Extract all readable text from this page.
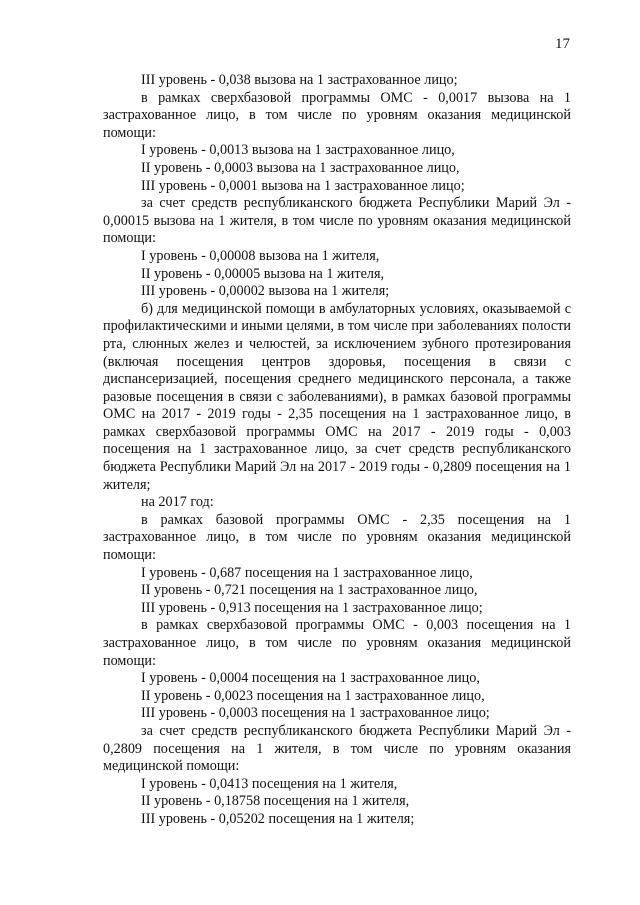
17

III уровень - 0,038 вызова на 1 застрахованное лицо;

в рамках сверхбазовой программы ОМС - 0,0017 вызова на 1 застрахованное лицо, в том числе по уровням оказания медицинской помощи:

I уровень - 0,0013 вызова на 1 застрахованное лицо,

II уровень - 0,0003 вызова на 1 застрахованное лицо,

III уровень - 0,0001 вызова на 1 застрахованное лицо;

за счет средств республиканского бюджета Республики Марий Эл - 0,00015 вызова на 1 жителя, в том числе по уровням оказания медицинской помощи:

I уровень - 0,00008 вызова на 1 жителя,

II уровень - 0,00005 вызова на 1 жителя,

III уровень - 0,00002 вызова на 1 жителя;

б) для медицинской помощи в амбулаторных условиях, оказываемой с профилактическими и иными целями, в том числе при заболеваниях полости рта, слюнных желез и челюстей, за исключением зубного протезирования (включая посещения центров здоровья, посещения в связи с диспансеризацией, посещения среднего медицинского персонала, а также разовые посещения в связи с заболеваниями), в рамках базовой программы ОМС на 2017 - 2019 годы - 2,35 посещения на 1 застрахованное лицо, в рамках сверхбазовой программы ОМС на 2017 - 2019 годы - 0,003 посещения на 1 застрахованное лицо, за счет средств республиканского бюджета Республики Марий Эл на 2017 - 2019 годы - 0,2809 посещения на 1 жителя;

на 2017 год:

в рамках базовой программы ОМС - 2,35 посещения на 1 застрахованное лицо, в том числе по уровням оказания медицинской помощи:

I уровень - 0,687 посещения на 1 застрахованное лицо,

II уровень - 0,721 посещения на 1 застрахованное лицо,

III уровень - 0,913 посещения на 1 застрахованное лицо;

в рамках сверхбазовой программы ОМС - 0,003 посещения на 1 застрахованное лицо, в том числе по уровням оказания медицинской помощи:

I уровень - 0,0004 посещения на 1 застрахованное лицо,

II уровень - 0,0023 посещения на 1 застрахованное лицо,

III уровень - 0,0003 посещения на 1 застрахованное лицо;

за счет средств республиканского бюджета Республики Марий Эл - 0,2809 посещения на 1 жителя, в том числе по уровням оказания медицинской помощи:

I уровень - 0,0413 посещения на 1 жителя,

II уровень - 0,18758 посещения на 1 жителя,

III уровень - 0,05202 посещения на 1 жителя;
